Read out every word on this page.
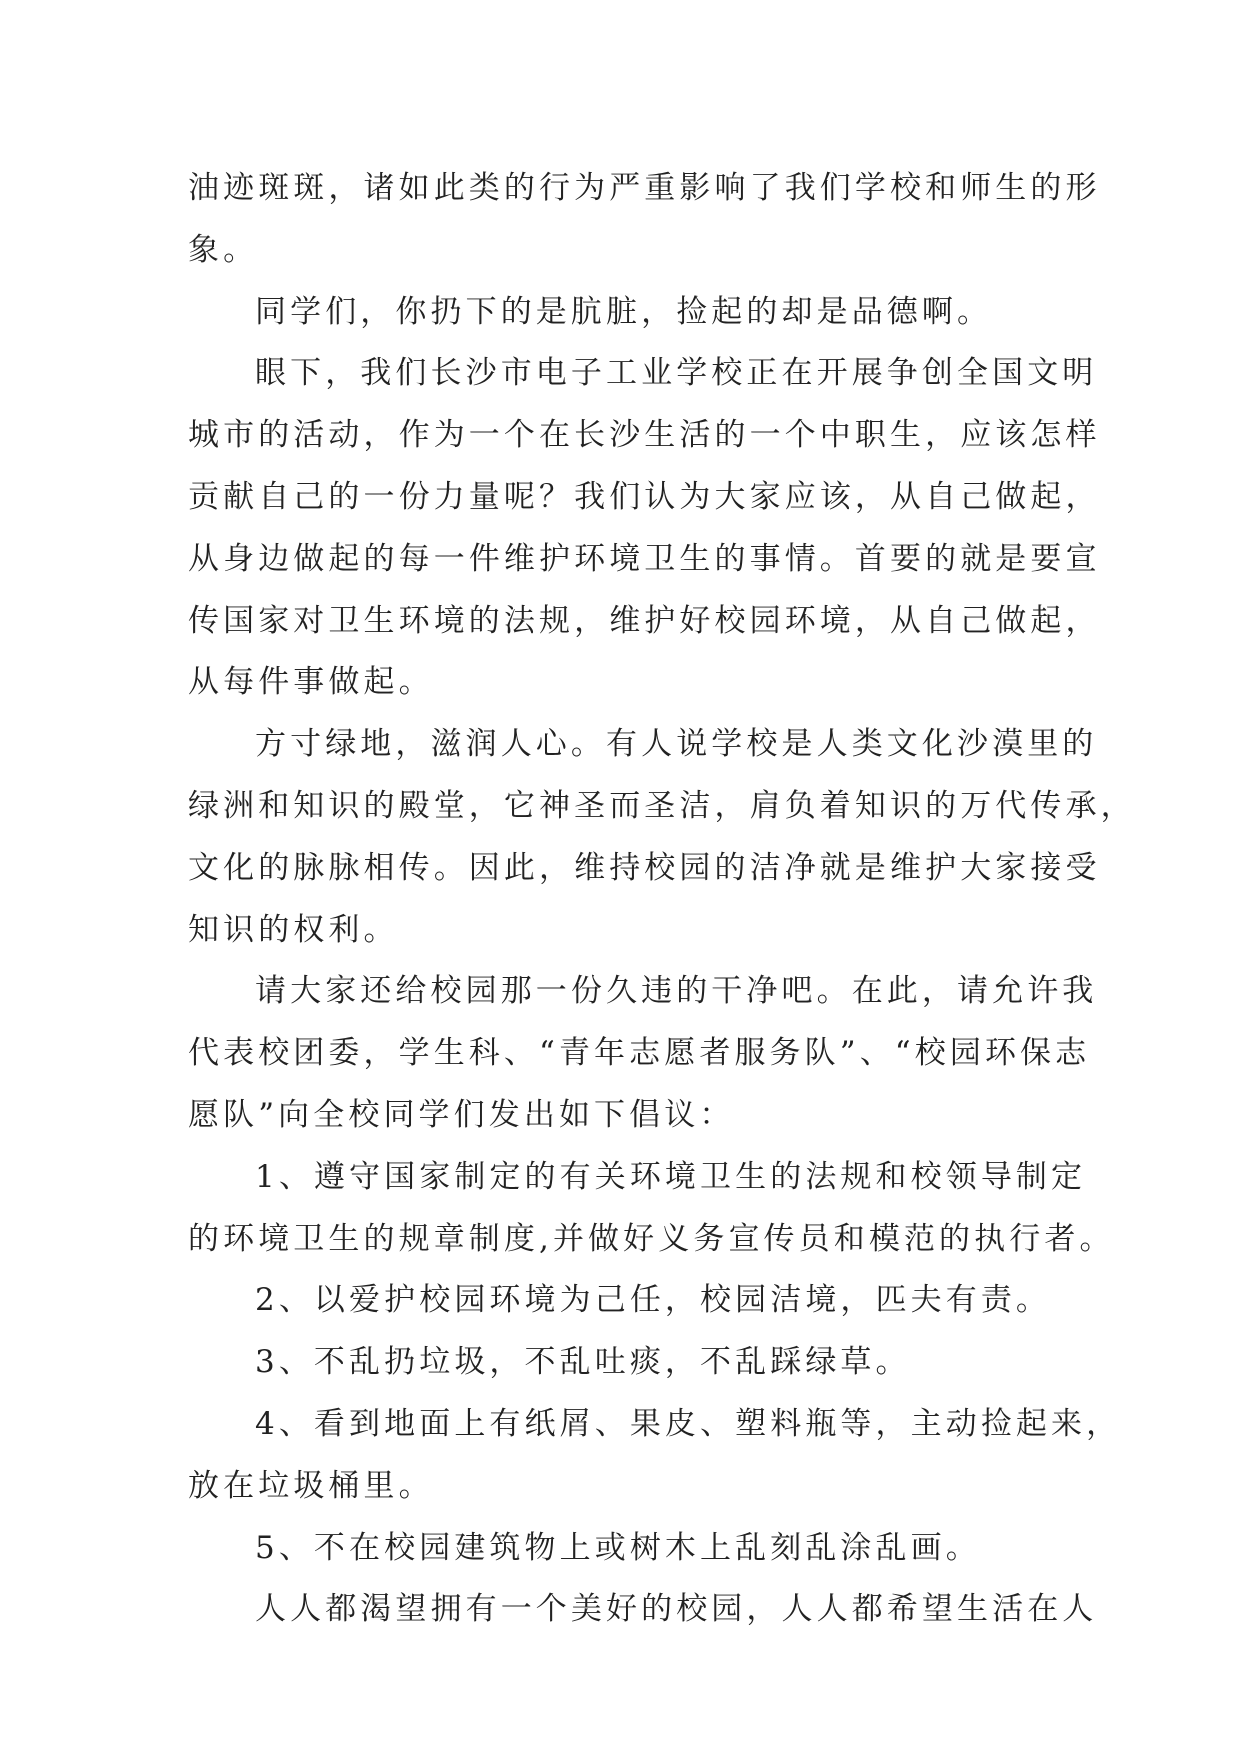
油迹斑斑，诸如此类的行为严重影响了我们学校和师生的形
象。
同学们，你扔下的是肮脏，捡起的却是品德啊。
眼下，我们长沙市电子工业学校正在开展争创全国文明
城市的活动，作为一个在长沙生活的一个中职生，应该怎样
贡献自己的一份力量呢？我们认为大家应该，从自己做起，
从身边做起的每一件维护环境卫生的事情。首要的就是要宣
传国家对卫生环境的法规，维护好校园环境，从自己做起，
从每件事做起。
方寸绿地，滋润人心。有人说学校是人类文化沙漠里的
绿洲和知识的殿堂，它神圣而圣洁，肩负着知识的万代传承，
文化的脉脉相传。因此，维持校园的洁净就是维护大家接受
知识的权利。
请大家还给校园那一份久违的干净吧。在此，请允许我
代表校团委，学生科、“青年志愿者服务队”、“校园环保志
愿队”向全校同学们发出如下倡议：
1、遵守国家制定的有关环境卫生的法规和校领导制定
的环境卫生的规章制度,并做好义务宣传员和模范的执行者。
2、以爱护校园环境为己任，校园洁境，匹夫有责。
3、不乱扔垃圾，不乱吐痰，不乱踩绿草。
4、看到地面上有纸屑、果皮、塑料瓶等，主动捡起来，
放在垃圾桶里。
5、不在校园建筑物上或树木上乱刻乱涂乱画。
人人都渴望拥有一个美好的校园，人人都希望生活在人
